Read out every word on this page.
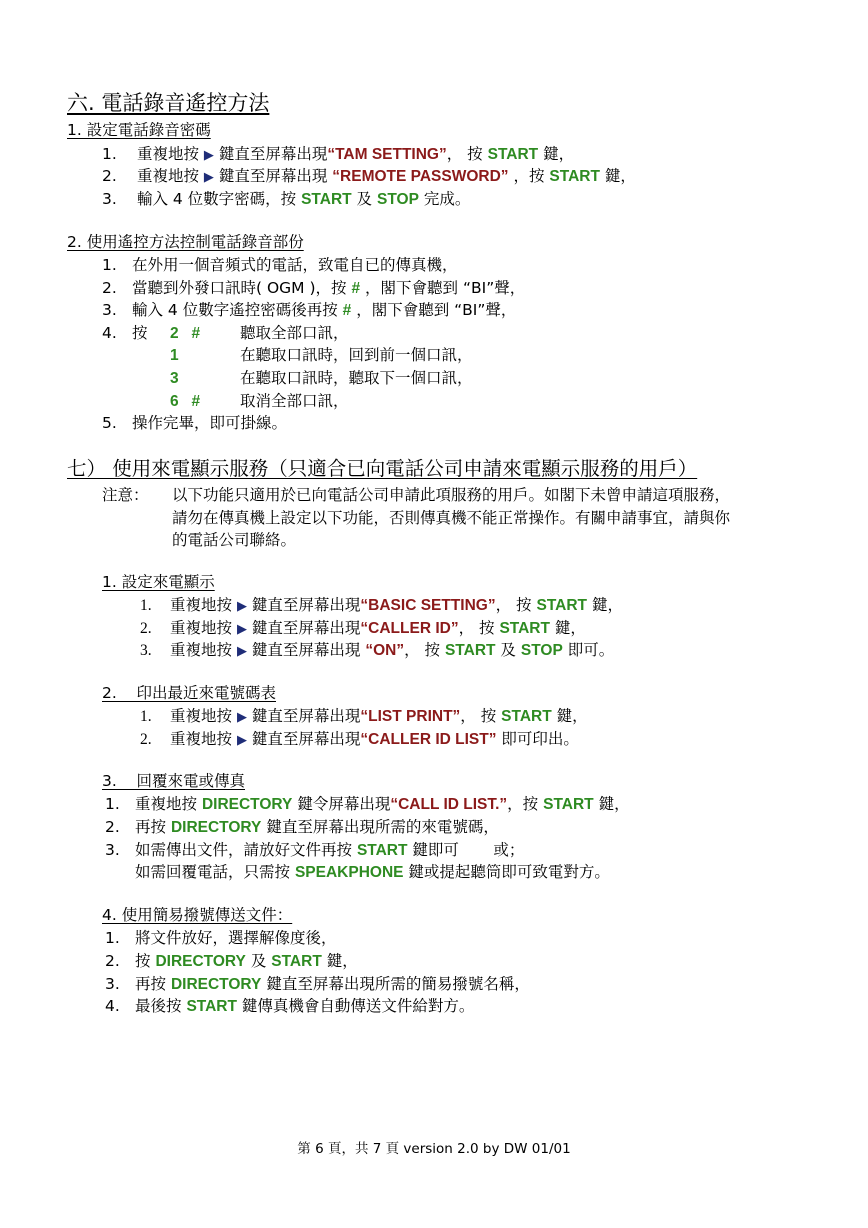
六. 電話錄音遙控方法
1. 設定電話錄音密碼
1. 重複地按 ▶ 鍵直至屏幕出現“TAM SETTING”， 按 START 鍵，
2. 重複地按 ▶ 鍵直至屏幕出現 “REMOTE PASSWORD” ，按 START 鍵，
3. 輸入 4 位數字密碼，按 START 及 STOP 完成。
2. 使用遙控方法控制電話錄音部份
1. 在外用一個音頻式的電話，致電自已的傳真機，
2. 當聽到外發口訊時( OGM )，按 # ，閣下會聽到 “BI”聲，
3. 輸入 4 位數字遙控密碼後再按 # ，閣下會聽到 “BI”聲，
4. 按 2   #	聽取全部口訊，
1	在聽取口訊時，回到前一個口訊，
3	在聽取口訊時，聽取下一個口訊，
6   #	取消全部口訊，
5. 操作完畢，即可掛線。
七） 使用來電顯示服務（只適合已向電話公司申請來電顯示服務的用戶）
注意： 以下功能只適用於已向電話公司申請此項服務的用戶。如閣下未曾申請這項服務，
請勿在傳真機上設定以下功能，否則傳真機不能正常操作。有關申請事宜，請與你
的電話公司聯絡。
1. 設定來電顯示
1. 重複地按 ▶ 鍵直至屏幕出現“BASIC SETTING”， 按 START 鍵，
2. 重複地按 ▶ 鍵直至屏幕出現“CALLER ID”， 按 START 鍵，
3. 重複地按 ▶ 鍵直至屏幕出現 “ON”， 按 START 及 STOP 即可。
2.    印出最近來電號碼表
1. 重複地按 ▶ 鍵直至屏幕出現“LIST PRINT”， 按 START 鍵，
2. 重複地按 ▶ 鍵直至屏幕出現“CALLER ID LIST” 即可印出。
3.    回覆來電或傳真
1. 重複地按 DIRECTORY 鍵令屏幕出現“CALL ID LIST.”，按 START 鍵，
2. 再按 DIRECTORY 鍵直至屏幕出現所需的來電號碼，
3. 如需傳出文件，請放好文件再按 START 鍵即可       或；
如需回覆電話，只需按 SPEAKPHONE 鍵或提起聽筒即可致電對方。
4. 使用簡易撥號傳送文件：
1. 將文件放好，選擇解像度後，
2. 按 DIRECTORY 及 START 鍵，
3. 再按 DIRECTORY 鍵直至屏幕出現所需的簡易撥號名稱，
4. 最後按 START 鍵傳真機會自動傳送文件給對方。
第 6 頁，共 7 頁 version 2.0 by DW 01/01
